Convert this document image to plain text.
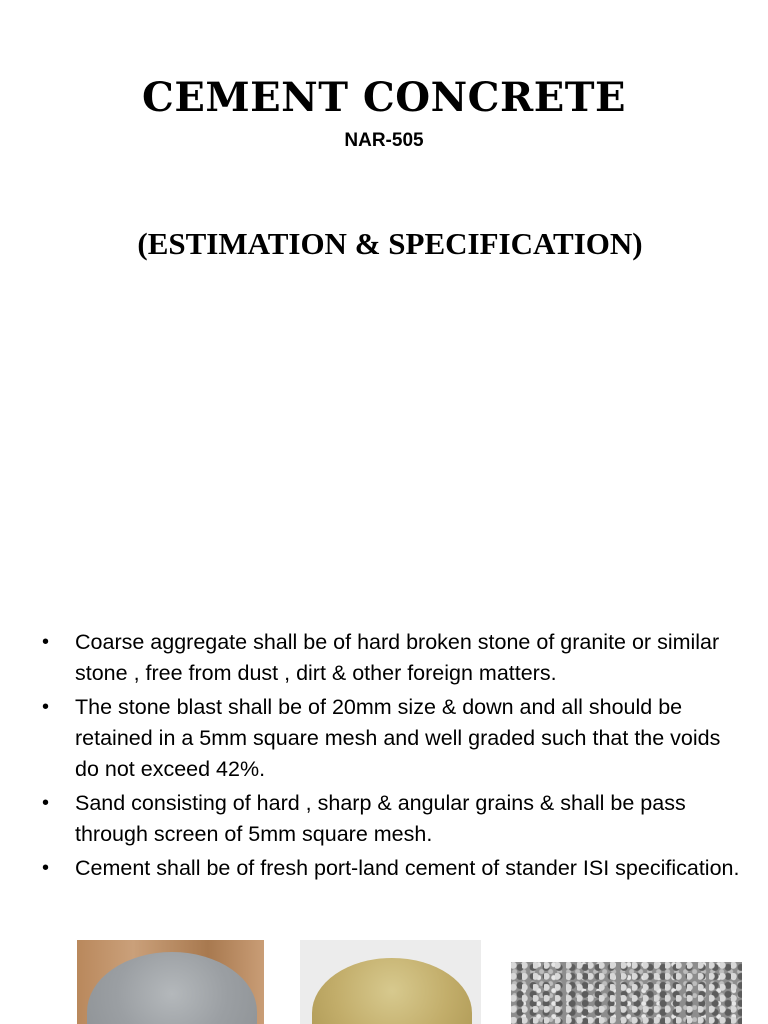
CEMENT CONCRETE
NAR-505
(ESTIMATION & SPECIFICATION)
• Coarse aggregate shall be of hard broken stone of granite or similar stone , free from dust , dirt & other foreign matters.
• The stone blast shall be of 20mm size & down and all should be retained in a 5mm square mesh and well graded such that the voids do not exceed 42%.
• Sand consisting of hard , sharp & angular grains & shall be pass through screen of 5mm square mesh.
• Cement shall be of fresh port-land cement of stander ISI specification.
